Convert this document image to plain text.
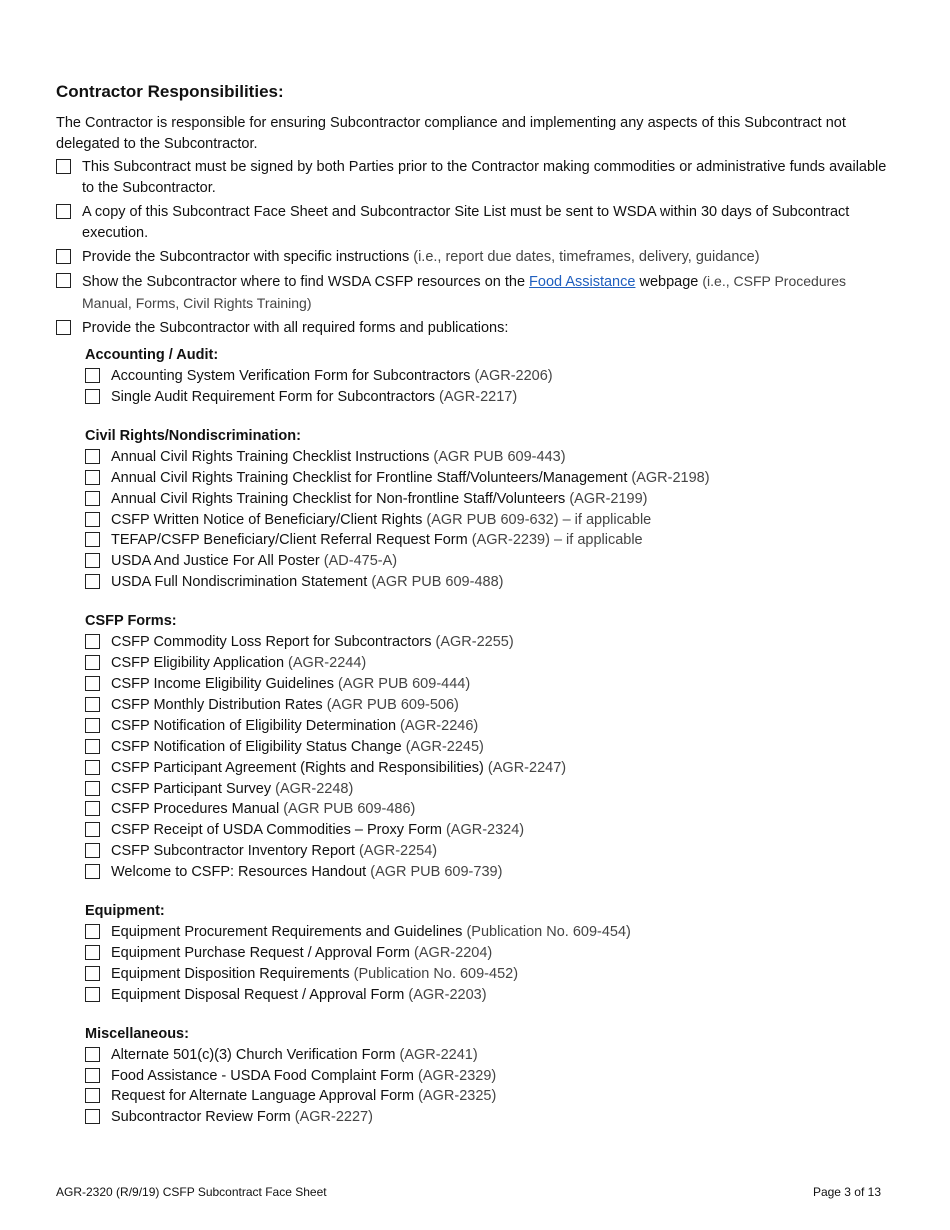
Contractor Responsibilities:
The Contractor is responsible for ensuring Subcontractor compliance and implementing any aspects of this Subcontract not delegated to the Subcontractor.
This Subcontract must be signed by both Parties prior to the Contractor making commodities or administrative funds available to the Subcontractor.
A copy of this Subcontract Face Sheet and Subcontractor Site List must be sent to WSDA within 30 days of Subcontract execution.
Provide the Subcontractor with specific instructions (i.e., report due dates, timeframes, delivery, guidance)
Show the Subcontractor where to find WSDA CSFP resources on the Food Assistance webpage (i.e., CSFP Procedures Manual, Forms, Civil Rights Training)
Provide the Subcontractor with all required forms and publications:
Accounting / Audit:
Accounting System Verification Form for Subcontractors (AGR-2206)
Single Audit Requirement Form for Subcontractors (AGR-2217)
Civil Rights/Nondiscrimination:
Annual Civil Rights Training Checklist Instructions (AGR PUB 609-443)
Annual Civil Rights Training Checklist for Frontline Staff/Volunteers/Management (AGR-2198)
Annual Civil Rights Training Checklist for Non-frontline Staff/Volunteers (AGR-2199)
CSFP Written Notice of Beneficiary/Client Rights (AGR PUB 609-632) – if applicable
TEFAP/CSFP Beneficiary/Client Referral Request Form (AGR-2239) – if applicable
USDA And Justice For All Poster (AD-475-A)
USDA Full Nondiscrimination Statement (AGR PUB 609-488)
CSFP Forms:
CSFP Commodity Loss Report for Subcontractors (AGR-2255)
CSFP Eligibility Application (AGR-2244)
CSFP Income Eligibility Guidelines (AGR PUB 609-444)
CSFP Monthly Distribution Rates (AGR PUB 609-506)
CSFP Notification of Eligibility Determination (AGR-2246)
CSFP Notification of Eligibility Status Change (AGR-2245)
CSFP Participant Agreement (Rights and Responsibilities) (AGR-2247)
CSFP Participant Survey (AGR-2248)
CSFP Procedures Manual (AGR PUB 609-486)
CSFP Receipt of USDA Commodities – Proxy Form (AGR-2324)
CSFP Subcontractor Inventory Report (AGR-2254)
Welcome to CSFP: Resources Handout (AGR PUB 609-739)
Equipment:
Equipment Procurement Requirements and Guidelines (Publication No. 609-454)
Equipment Purchase Request / Approval Form (AGR-2204)
Equipment Disposition Requirements (Publication No. 609-452)
Equipment Disposal Request / Approval Form (AGR-2203)
Miscellaneous:
Alternate 501(c)(3) Church Verification Form (AGR-2241)
Food Assistance - USDA Food Complaint Form (AGR-2329)
Request for Alternate Language Approval Form (AGR-2325)
Subcontractor Review Form (AGR-2227)
AGR-2320 (R/9/19) CSFP Subcontract Face Sheet	Page 3 of 13
